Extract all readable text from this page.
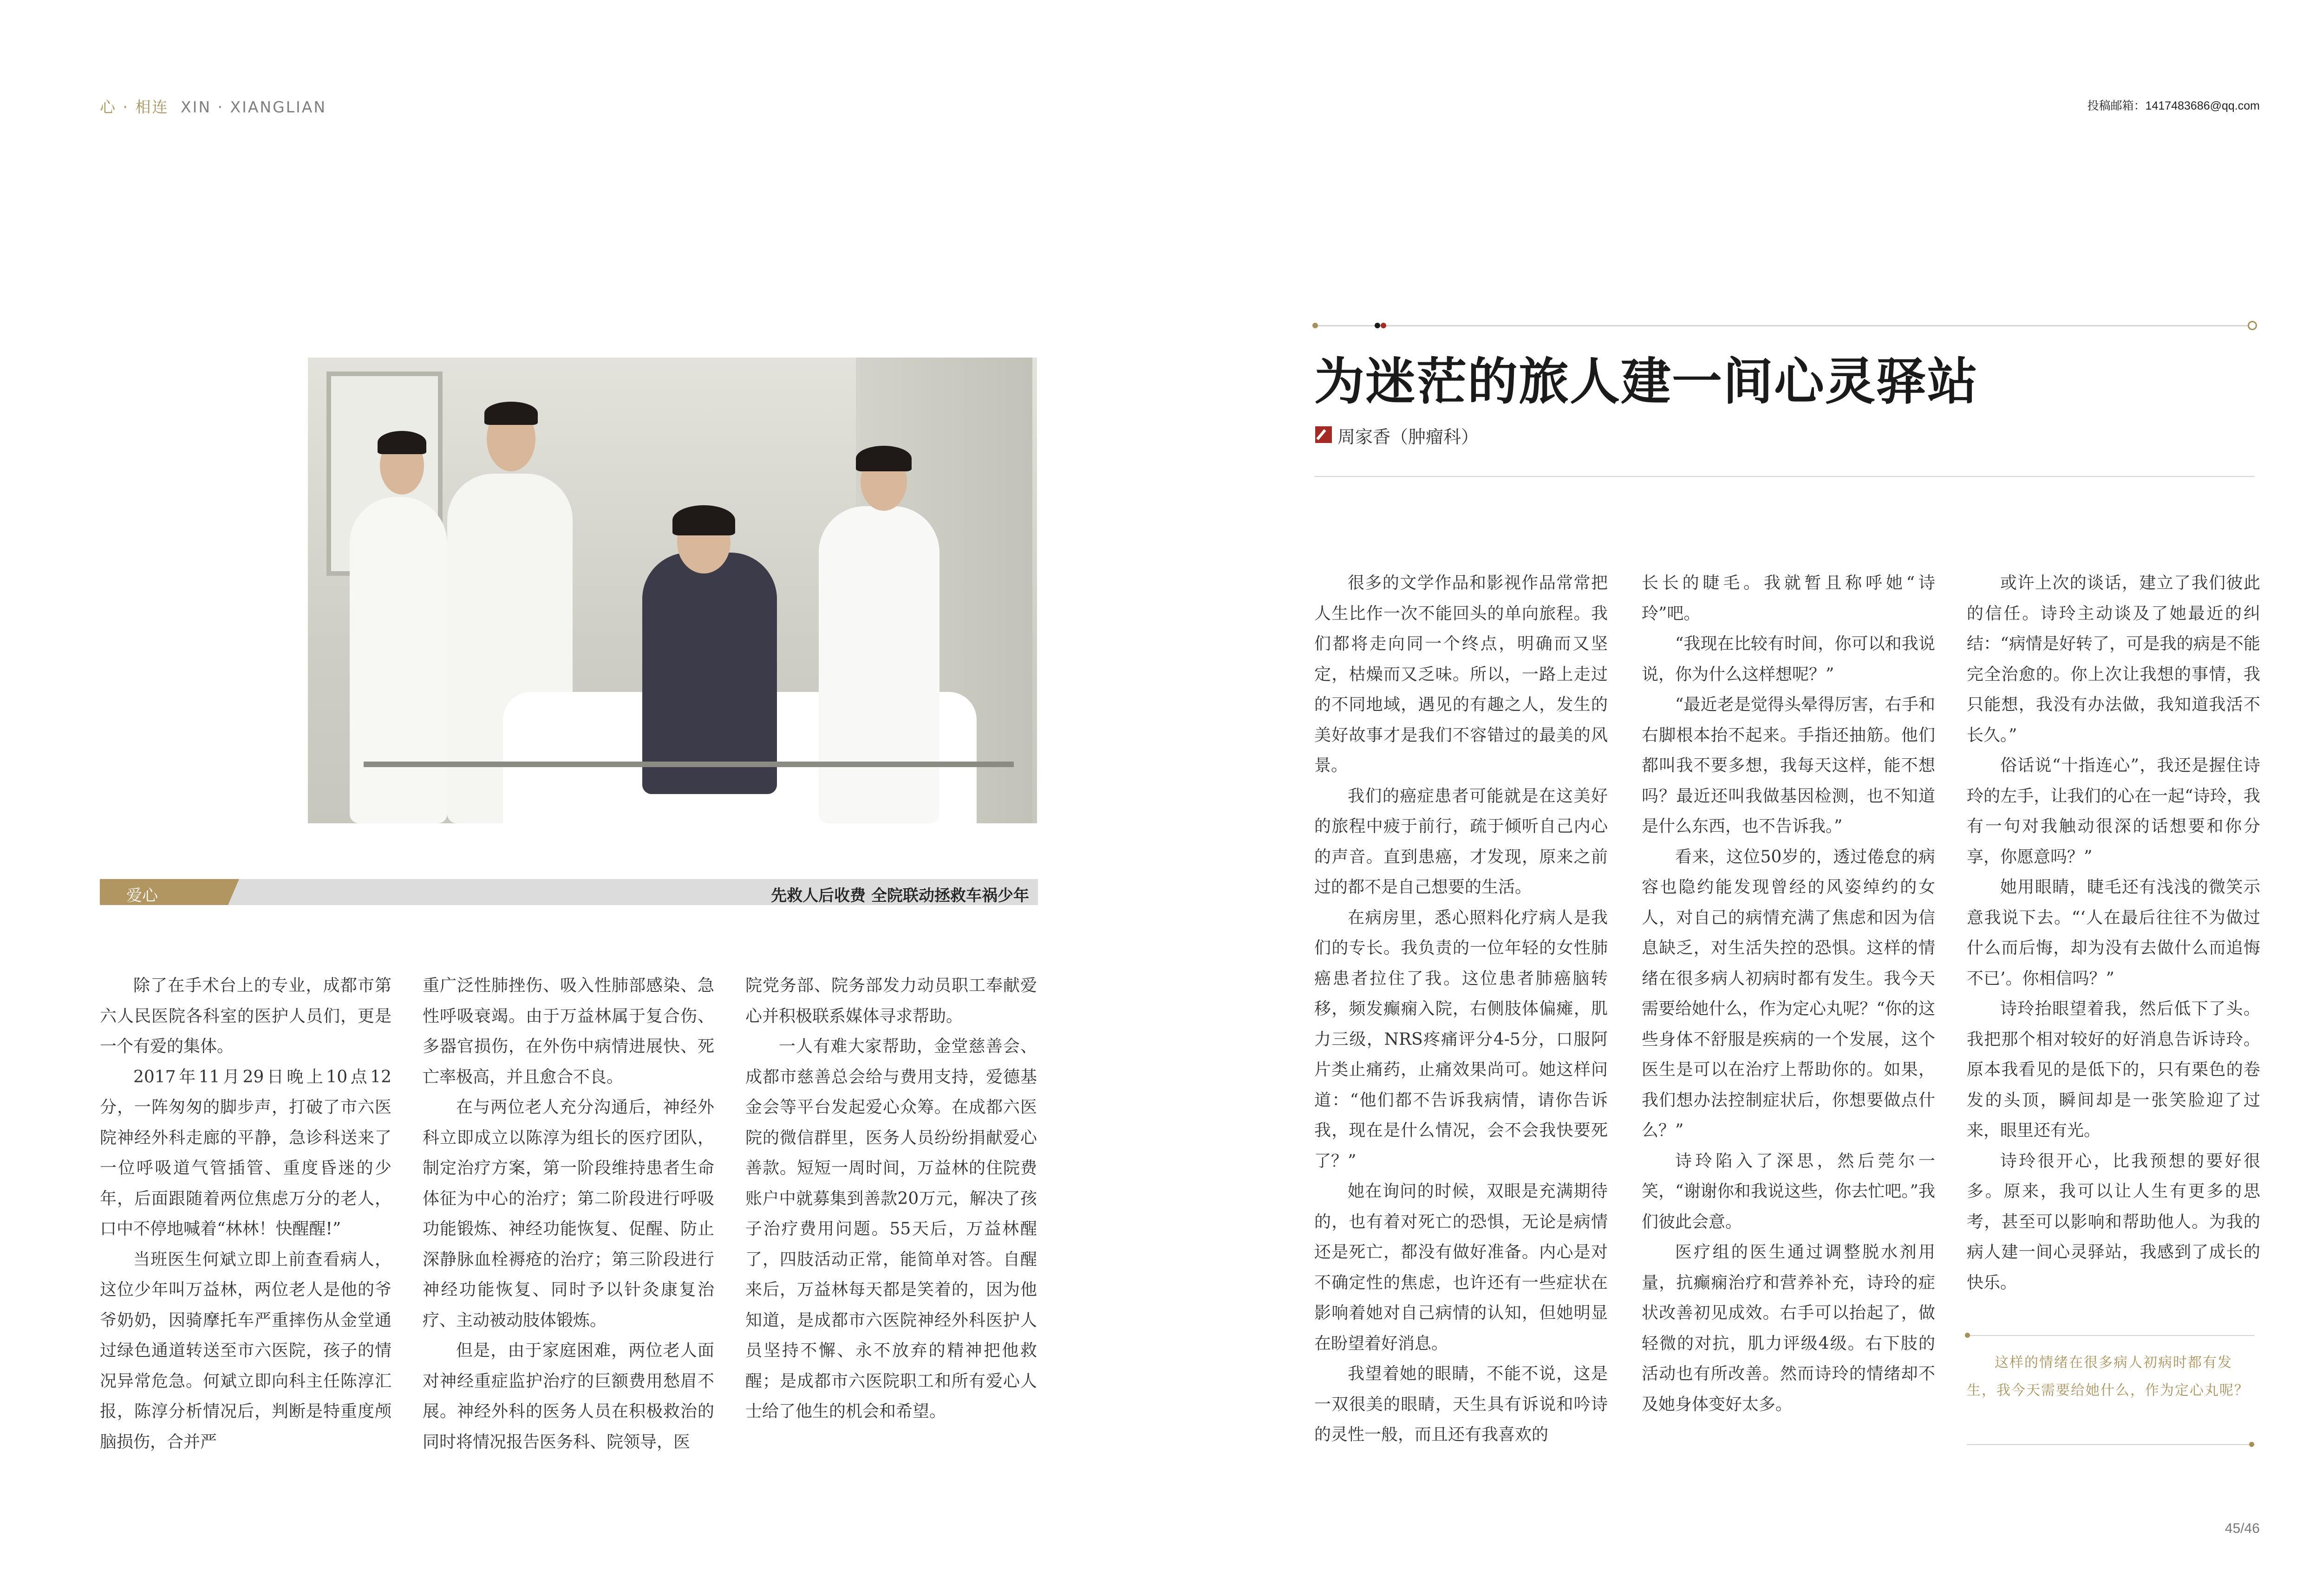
心 · 相连 XIN · XIANGLIAN	投稿邮箱：1417483686@qq.com
爱心	先救人后收费 全院联动拯救车祸少年

除了在手术台上的专业，成都市第六人民医院各科室的医护人员们，更是一个有爱的集体。

2017年11月29日晚上10点12分，一阵匆匆的脚步声，打破了市六医院神经外科走廊的平静，急诊科送来了一位呼吸道气管插管、重度昏迷的少年，后面跟随着两位焦虑万分的老人，口中不停地喊着“林林！快醒醒!”

当班医生何斌立即上前查看病人，这位少年叫万益林，两位老人是他的爷爷奶奶，因骑摩托车严重摔伤从金堂通过绿色通道转送至市六医院，孩子的情况异常危急。何斌立即向科主任陈淳汇报，陈淳分析情况后，判断是特重度颅脑损伤，合并严

重广泛性肺挫伤、吸入性肺部感染、急性呼吸衰竭。由于万益林属于复合伤、多器官损伤，在外伤中病情进展快、死亡率极高，并且愈合不良。

在与两位老人充分沟通后，神经外科立即成立以陈淳为组长的医疗团队，制定治疗方案，第一阶段维持患者生命体征为中心的治疗；第二阶段进行呼吸功能锻炼、神经功能恢复、促醒、防止深静脉血栓褥疮的治疗；第三阶段进行神经功能恢复、同时予以针灸康复治疗、主动被动肢体锻炼。

但是，由于家庭困难，两位老人面对神经重症监护治疗的巨额费用愁眉不展。神经外科的医务人员在积极救治的同时将情况报告医务科、院领导，医

院党务部、院务部发力动员职工奉献爱心并积极联系媒体寻求帮助。

一人有难大家帮助，金堂慈善会、成都市慈善总会给与费用支持，爱德基金会等平台发起爱心众筹。在成都六医院的微信群里，医务人员纷纷捐献爱心善款。短短一周时间，万益林的住院费账户中就募集到善款20万元，解决了孩子治疗费用问题。55天后，万益林醒了，四肢活动正常，能简单对答。自醒来后，万益林每天都是笑着的，因为他知道，是成都市六医院神经外科医护人员坚持不懈、永不放弃的精神把他救醒；是成都市六医院职工和所有爱心人士给了他生的机会和希望。

为迷茫的旅人建一间心灵驿站
周家香（肿瘤科）

很多的文学作品和影视作品常常把人生比作一次不能回头的单向旅程。我们都将走向同一个终点，明确而又坚定，枯燥而又乏味。所以，一路上走过的不同地域，遇见的有趣之人，发生的美好故事才是我们不容错过的最美的风景。

我们的癌症患者可能就是在这美好的旅程中疲于前行，疏于倾听自己内心的声音。直到患癌，才发现，原来之前过的都不是自己想要的生活。

在病房里，悉心照料化疗病人是我们的专长。我负责的一位年轻的女性肺癌患者拉住了我。这位患者肺癌脑转移，频发癫痫入院，右侧肢体偏瘫，肌力三级，NRS疼痛评分4-5分，口服阿片类止痛药，止痛效果尚可。她这样问道：“他们都不告诉我病情，请你告诉我，现在是什么情况，会不会我快要死了？”

她在询问的时候，双眼是充满期待的，也有着对死亡的恐惧，无论是病情还是死亡，都没有做好准备。内心是对不确定性的焦虑，也许还有一些症状在影响着她对自己病情的认知，但她明显在盼望着好消息。

我望着她的眼睛，不能不说，这是一双很美的眼睛，天生具有诉说和吟诗的灵性一般，而且还有我喜欢的

长长的睫毛。我就暂且称呼她“诗玲”吧。

“我现在比较有时间，你可以和我说说，你为什么这样想呢？”

“最近老是觉得头晕得厉害，右手和右脚根本抬不起来。手指还抽筋。他们都叫我不要多想，我每天这样，能不想吗？最近还叫我做基因检测，也不知道是什么东西，也不告诉我。”

看来，这位50岁的，透过倦怠的病容也隐约能发现曾经的风姿绰约的女人，对自己的病情充满了焦虑和因为信息缺乏，对生活失控的恐惧。这样的情绪在很多病人初病时都有发生。我今天需要给她什么，作为定心丸呢？“你的这些身体不舒服是疾病的一个发展，这个医生是可以在治疗上帮助你的。如果，我们想办法控制症状后，你想要做点什么？”

诗玲陷入了深思，然后莞尔一笑，“谢谢你和我说这些，你去忙吧。”我们彼此会意。

医疗组的医生通过调整脱水剂用量，抗癫痫治疗和营养补充，诗玲的症状改善初见成效。右手可以抬起了，做轻微的对抗，肌力评级4级。右下肢的活动也有所改善。然而诗玲的情绪却不及她身体变好太多。

或许上次的谈话，建立了我们彼此的信任。诗玲主动谈及了她最近的纠结：“病情是好转了，可是我的病是不能完全治愈的。你上次让我想的事情，我只能想，我没有办法做，我知道我活不长久。”

俗话说“十指连心”，我还是握住诗玲的左手，让我们的心在一起“诗玲，我有一句对我触动很深的话想要和你分享，你愿意吗？”

她用眼睛，睫毛还有浅浅的微笑示意我说下去。“‘人在最后往往不为做过什么而后悔，却为没有去做什么而追悔不已’。你相信吗？”

诗玲抬眼望着我，然后低下了头。我把那个相对较好的好消息告诉诗玲。原本我看见的是低下的，只有栗色的卷发的头顶，瞬间却是一张笑脸迎了过来，眼里还有光。

诗玲很开心，比我预想的要好很多。原来，我可以让人生有更多的思考，甚至可以影响和帮助他人。为我的病人建一间心灵驿站，我感到了成长的快乐。

这样的情绪在很多病人初病时都有发生，我今天需要给她什么，作为定心丸呢？
45/46
